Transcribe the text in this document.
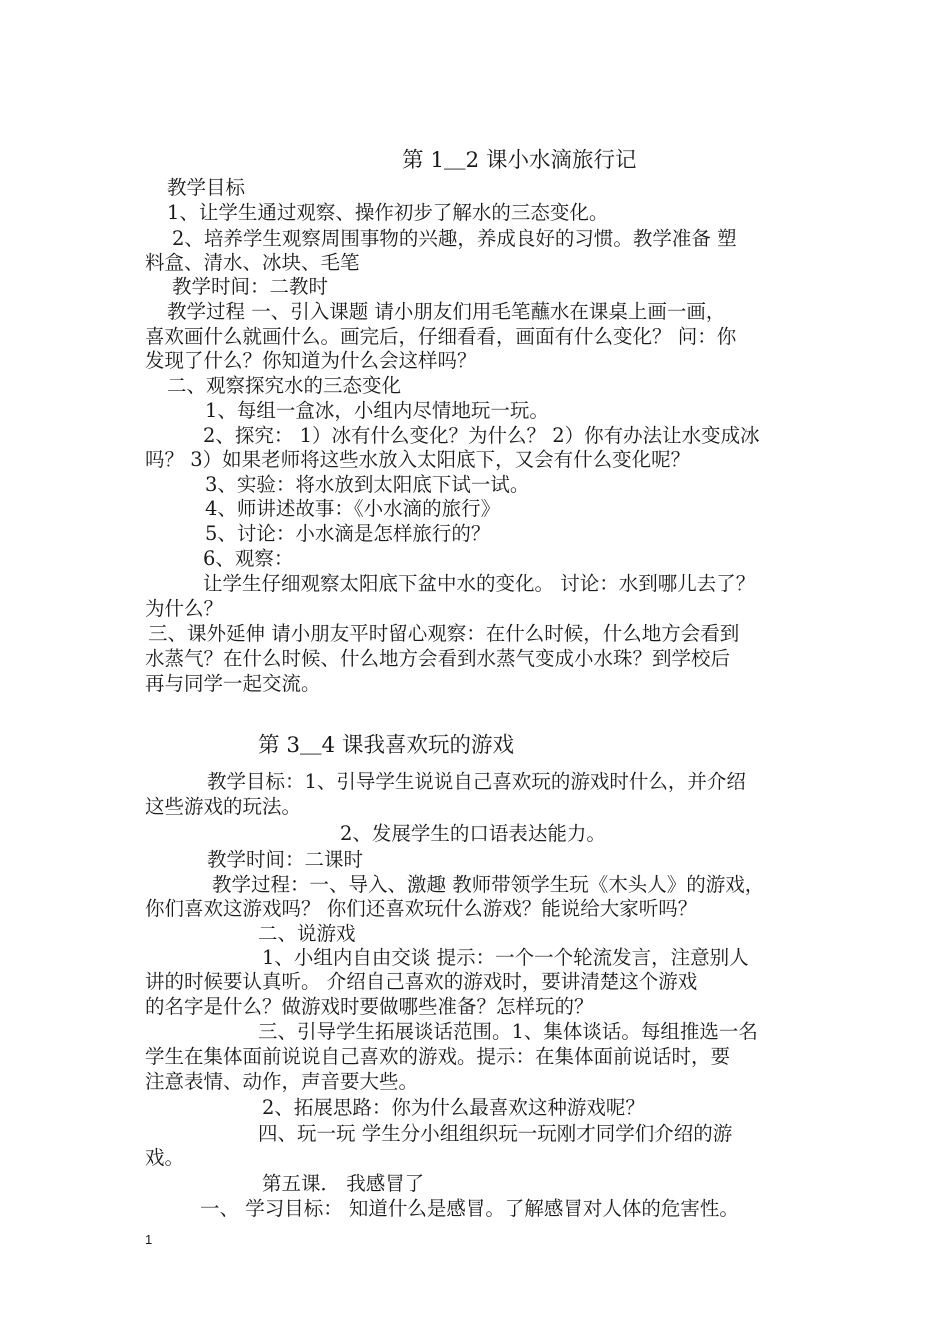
第 1＿2 课小水滴旅行记
教学目标
1、让学生通过观察、操作初步了解水的三态变化。
2、培养学生观察周围事物的兴趣，养成良好的习惯。教学准备 塑
料盒、清水、冰块、毛笔
教学时间：二教时
教学过程 一、引入课题 请小朋友们用毛笔蘸水在课桌上画一画，
喜欢画什么就画什么。画完后，仔细看看，画面有什么变化？ 问：你
发现了什么？你知道为什么会这样吗？
二、观察探究水的三态变化
1、每组一盒冰，小组内尽情地玩一玩。
2、探究： 1）冰有什么变化？为什么？ 2）你有办法让水变成冰
吗？ 3）如果老师将这些水放入太阳底下，又会有什么变化呢？
3、实验：将水放到太阳底下试一试。
4、师讲述故事：《小水滴的旅行》
5、讨论：小水滴是怎样旅行的？
6、观察：
让学生仔细观察太阳底下盆中水的变化。 讨论：水到哪儿去了？
为什么？
三、课外延伸 请小朋友平时留心观察：在什么时候，什么地方会看到
水蒸气？在什么时候、什么地方会看到水蒸气变成小水珠？到学校后
再与同学一起交流。
第 3＿4 课我喜欢玩的游戏
教学目标：1、引导学生说说自己喜欢玩的游戏时什么，并介绍
这些游戏的玩法。
2、发展学生的口语表达能力。
教学时间：二课时
教学过程：一、导入、激趣 教师带领学生玩《木头人》的游戏，
你们喜欢这游戏吗？ 你们还喜欢玩什么游戏？能说给大家听吗？
二、说游戏
1、小组内自由交谈 提示：一个一个轮流发言，注意别人
讲的时候要认真听。 介绍自己喜欢的游戏时，要讲清楚这个游戏
的名字是什么？做游戏时要做哪些准备？怎样玩的？
三、引导学生拓展谈话范围。1、集体谈话。每组推选一名
学生在集体面前说说自己喜欢的游戏。提示：在集体面前说话时，要
注意表情、动作，声音要大些。
2、拓展思路：你为什么最喜欢这种游戏呢？
四、玩一玩 学生分小组组织玩一玩刚才同学们介绍的游
戏。
第五课． 我感冒了
一、 学习目标： 知道什么是感冒。了解感冒对人体的危害性。
1
